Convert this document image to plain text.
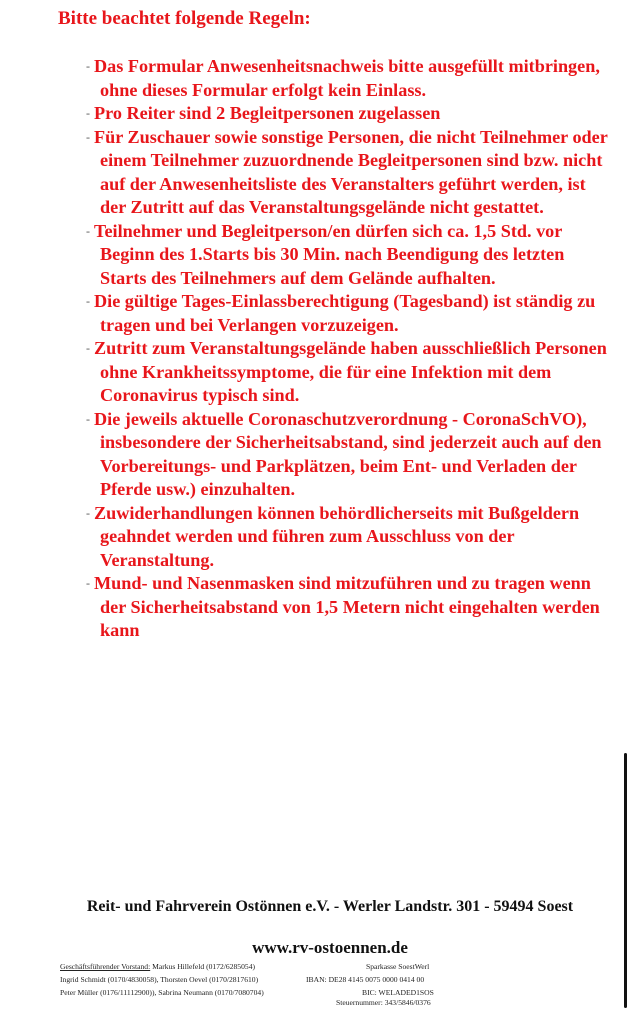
Bitte beachtet folgende Regeln:
- Das Formular Anwesenheitsnachweis bitte ausgefüllt mitbringen, ohne dieses Formular erfolgt kein Einlass.
- Pro Reiter sind 2 Begleitpersonen zugelassen
- Für Zuschauer sowie sonstige Personen, die nicht Teilnehmer oder einem Teilnehmer zuzuordnende Begleitpersonen sind bzw. nicht auf der Anwesenheitsliste des Veranstalters geführt werden, ist der Zutritt auf das Veranstaltungsgelände nicht gestattet.
- Teilnehmer und Begleitperson/en dürfen sich ca. 1,5 Std. vor Beginn des 1.Starts bis 30 Min. nach Beendigung des letzten Starts des Teilnehmers auf dem Gelände aufhalten.
- Die gültige Tages-Einlassberechtigung (Tagesband) ist ständig zu tragen und bei Verlangen vorzuzeigen.
- Zutritt zum Veranstaltungsgelände haben ausschließlich Personen ohne Krankheitssymptome, die für eine Infektion mit dem Coronavirus typisch sind.
- Die jeweils aktuelle Coronaschutzverordnung - CoronaSchVO), insbesondere der Sicherheitsabstand, sind jederzeit auch auf den Vorbereitungs- und Parkplätzen, beim Ent- und Verladen der Pferde usw.) einzuhalten.
- Zuwiderhandlungen können behördlicherseits mit Bußgeldern geahndet werden und führen zum Ausschluss von der Veranstaltung.
- Mund- und Nasenmasken sind mitzuführen und zu tragen wenn der Sicherheitsabstand von 1,5 Metern nicht eingehalten werden kann

Reit- und Fahrverein Ostönnen e.V. - Werler Landstr. 301 - 59494 Soest

www.rv-ostoennen.de

Geschäftsführender Vorstand: Markus Hillefeld (0172/6285054)
Ingrid Schmidt (0170/4830058), Thorsten Oevel (0170/2817610)
Peter Müller (0176/11112900)), Sabrina Neumann (0170/7080704)
Sparkasse SoestWerl
IBAN: DE28 4145 0075 0000 0414 00
BIC: WELADED1SOS
Steuernummer: 343/5846/0376
